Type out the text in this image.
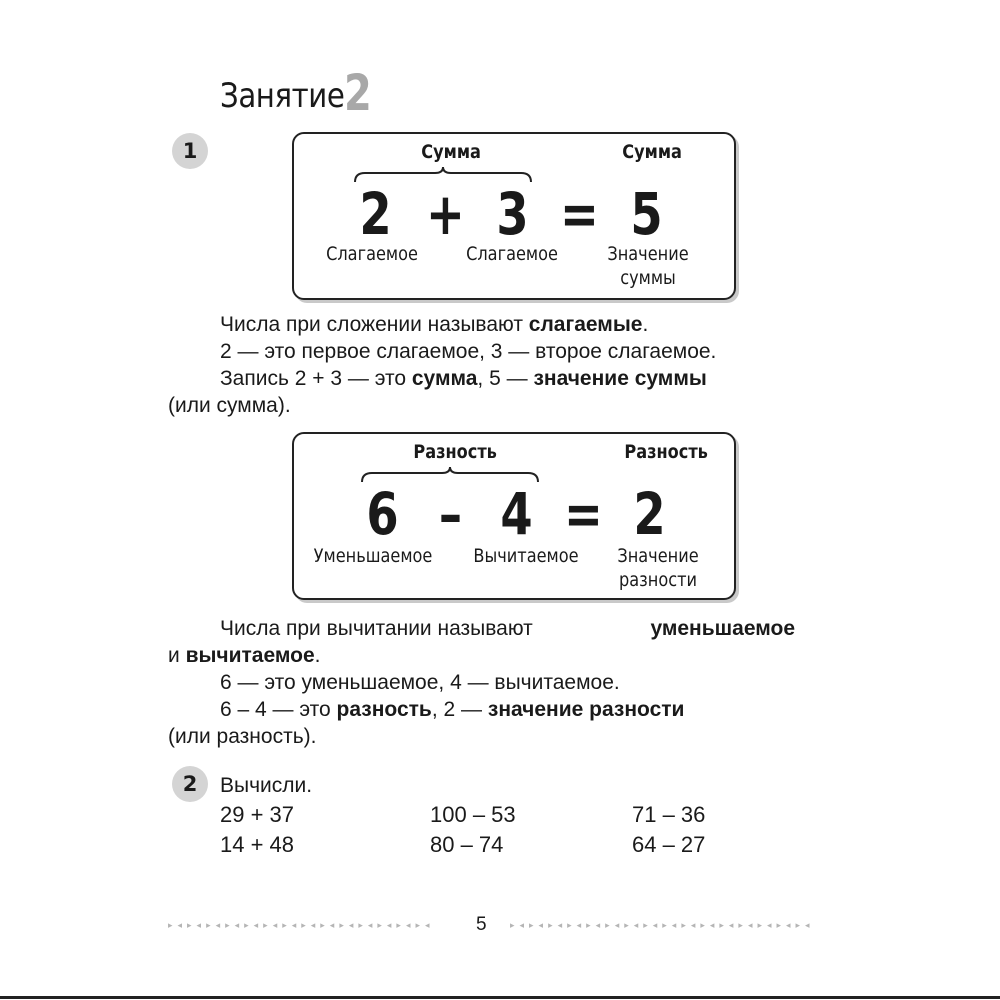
Занятие 2
1	Сумма	Сумма
2 + 3 = 5
Слагаемое	Слагаемое	Значение
суммы
Числа при сложении называют слагаемые.
2 — это первое слагаемое, 3 — второе слагаемое.
Запись 2 + 3 — это сумма, 5 — значение суммы
(или сумма).
Разность	Разность
6 – 4 = 2
Уменьшаемое	Вычитаемое	Значение
разности
Числа при вычитании называют	уменьшаемое
и вычитаемое.
6 — это уменьшаемое, 4 — вычитаемое.
6 – 4 — это разность, 2 — значение разности
(или разность).
2	Вычисли.
29 + 37	100 – 53	71 – 36
14 + 48	80 – 74	64 – 27
▸◂▸◂▸◂▸◂▸◂▸◂▸◂▸◂▸◂▸◂▸◂▸◂▸◂▸◂ 5	▸◂▸◂▸◂▸◂▸◂▸◂▸◂▸◂▸◂▸◂▸◂▸◂▸◂▸◂▸◂▸◂
